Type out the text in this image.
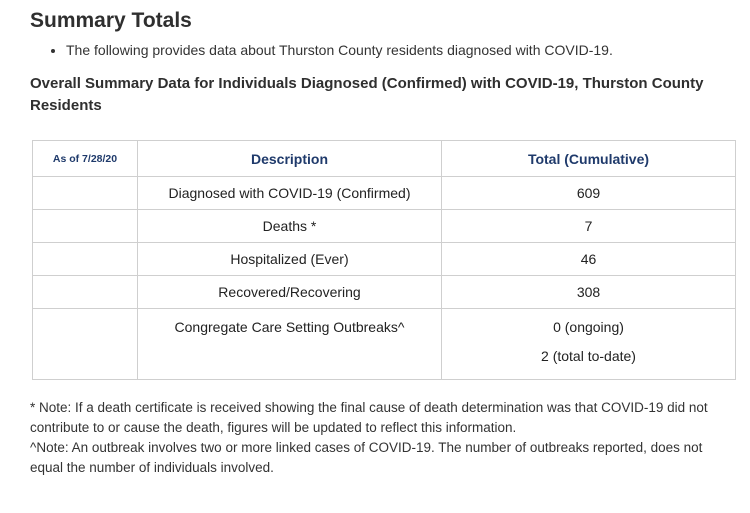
Summary Totals
• The following provides data about Thurston County residents diagnosed with COVID-19.
Overall Summary Data for Individuals Diagnosed (Confirmed) with COVID-19, Thurston County Residents
As of 7/28/20	Description	Total (Cumulative)
	Diagnosed with COVID-19 (Confirmed)	609
	Deaths *	7
	Hospitalized (Ever)	46
	Recovered/Recovering	308

	Congregate Care Setting Outbreaks^	0 (ongoing)
2 (total to-date)

* Note: If a death certificate is received showing the final cause of death determination was that COVID-19 did not contribute to or cause the death, figures will be updated to reflect this information.

^Note: An outbreak involves two or more linked cases of COVID-19. The number of outbreaks reported, does not equal the number of individuals involved.
